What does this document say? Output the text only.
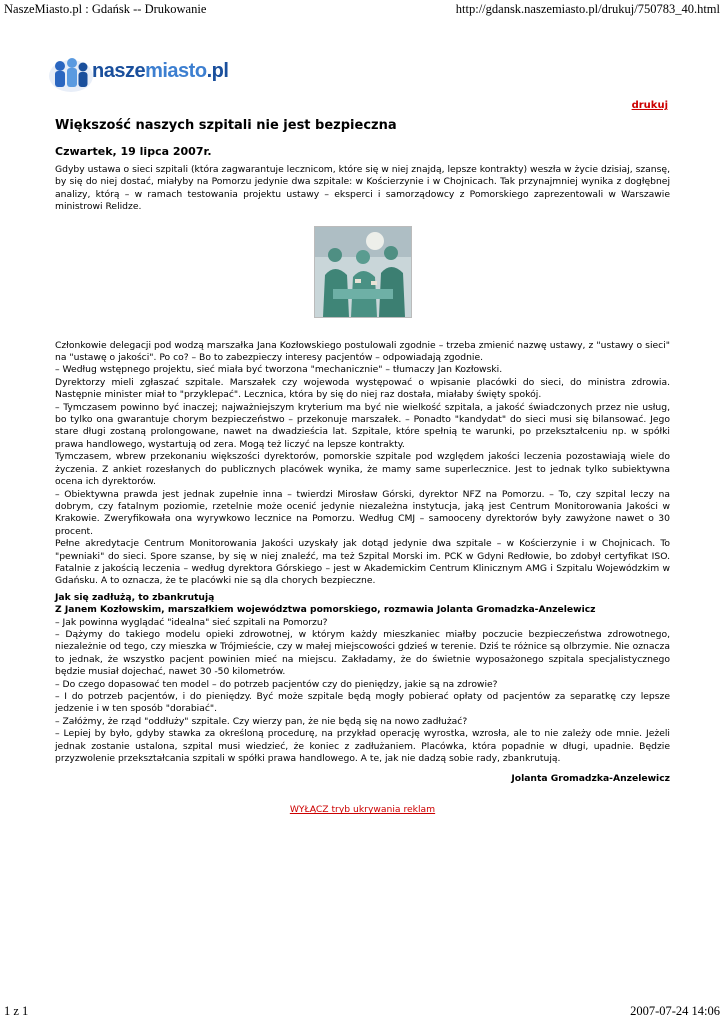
NaszeMiasto.pl : Gdańsk -- Drukowanie	http://gdansk.naszemiasto.pl/drukuj/750783_40.html
naszemiasto.pl
drukuj
Większość naszych szpitali nie jest bezpieczna
Czwartek, 19 lipca 2007r.

Gdyby ustawa o sieci szpitali (która zagwarantuje lecznicom, które się w niej znajdą, lepsze kontrakty) weszła w życie dzisiaj, szansę, by się do niej dostać, miałyby na Pomorzu jedynie dwa szpitale: w Kościerzynie i w Chojnicach. Tak przynajmniej wynika z dogłębnej analizy, którą – w ramach testowania projektu ustawy – eksperci i samorządowcy z Pomorskiego zaprezentowali w Warszawie ministrowi Relidze.

Członkowie delegacji pod wodzą marszałka Jana Kozłowskiego postulowali zgodnie – trzeba zmienić nazwę ustawy, z "ustawy o sieci" na "ustawę o jakości". Po co? – Bo to zabezpieczy interesy pacjentów – odpowiadają zgodnie.

– Według wstępnego projektu, sieć miała być tworzona "mechanicznie" – tłumaczy Jan Kozłowski.

Dyrektorzy mieli zgłaszać szpitale. Marszałek czy wojewoda występować o wpisanie placówki do sieci, do ministra zdrowia. Następnie minister miał to "przyklepać". Lecznica, która by się do niej raz dostała, miałaby święty spokój.

– Tymczasem powinno być inaczej; najważniejszym kryterium ma być nie wielkość szpitala, a jakość świadczonych przez nie usług, bo tylko ona gwarantuje chorym bezpieczeństwo – przekonuje marszałek. – Ponadto "kandydat" do sieci musi się bilansować. Jego stare długi zostaną prolongowane, nawet na dwadzieścia lat. Szpitale, które spełnią te warunki, po przekształceniu np. w spółki prawa handlowego, wystartują od zera. Mogą też liczyć na lepsze kontrakty.

Tymczasem, wbrew przekonaniu większości dyrektorów, pomorskie szpitale pod względem jakości leczenia pozostawiają wiele do życzenia. Z ankiet rozesłanych do publicznych placówek wynika, że mamy same superlecznice. Jest to jednak tylko subiektywna ocena ich dyrektorów.

– Obiektywna prawda jest jednak zupełnie inna – twierdzi Mirosław Górski, dyrektor NFZ na Pomorzu. – To, czy szpital leczy na dobrym, czy fatalnym poziomie, rzetelnie może ocenić jedynie niezależna instytucja, jaką jest Centrum Monitorowania Jakości w Krakowie. Zweryfikowała ona wyrywkowo lecznice na Pomorzu. Według CMJ – samooceny dyrektorów były zawyżone nawet o 30 procent.

Pełne akredytacje Centrum Monitorowania Jakości uzyskały jak dotąd jedynie dwa szpitale – w Kościerzynie i w Chojnicach. To "pewniaki" do sieci. Spore szanse, by się w niej znaleźć, ma też Szpital Morski im. PCK w Gdyni Redłowie, bo zdobył certyfikat ISO. Fatalnie z jakością leczenia – według dyrektora Górskiego – jest w Akademickim Centrum Klinicznym AMG i Szpitalu Wojewódzkim w Gdańsku. A to oznacza, że te placówki nie są dla chorych bezpieczne.

Jak się zadłużą, to zbankrutują

Z Janem Kozłowskim, marszałkiem województwa pomorskiego, rozmawia Jolanta Gromadzka-Anzelewicz

– Jak powinna wyglądać "idealna" sieć szpitali na Pomorzu?

– Dążymy do takiego modelu opieki zdrowotnej, w którym każdy mieszkaniec miałby poczucie bezpieczeństwa zdrowotnego, niezależnie od tego, czy mieszka w Trójmieście, czy w małej miejscowości gdzieś w terenie. Dziś te różnice są olbrzymie. Nie oznacza to jednak, że wszystko pacjent powinien mieć na miejscu. Zakładamy, że do świetnie wyposażonego szpitala specjalistycznego będzie musiał dojechać, nawet 30 -50 kilometrów.

– Do czego dopasować ten model – do potrzeb pacjentów czy do pieniędzy, jakie są na zdrowie?

– I do potrzeb pacjentów, i do pieniędzy. Być może szpitale będą mogły pobierać opłaty od pacjentów za separatkę czy lepsze jedzenie i w ten sposób "dorabiać".

– Załóżmy, że rząd "oddłuży" szpitale. Czy wierzy pan, że nie będą się na nowo zadłużać?

– Lepiej by było, gdyby stawka za określoną procedurę, na przykład operację wyrostka, wzrosła, ale to nie zależy ode mnie. Jeżeli jednak zostanie ustalona, szpital musi wiedzieć, że koniec z zadłużaniem. Placówka, która popadnie w długi, upadnie. Będzie przyzwolenie przekształcania szpitali w spółki prawa handlowego. A te, jak nie dadzą sobie rady, zbankrutują.

Jolanta Gromadzka-Anzelewicz
WYŁĄCZ tryb ukrywania reklam
1 z 1	2007-07-24 14:06
